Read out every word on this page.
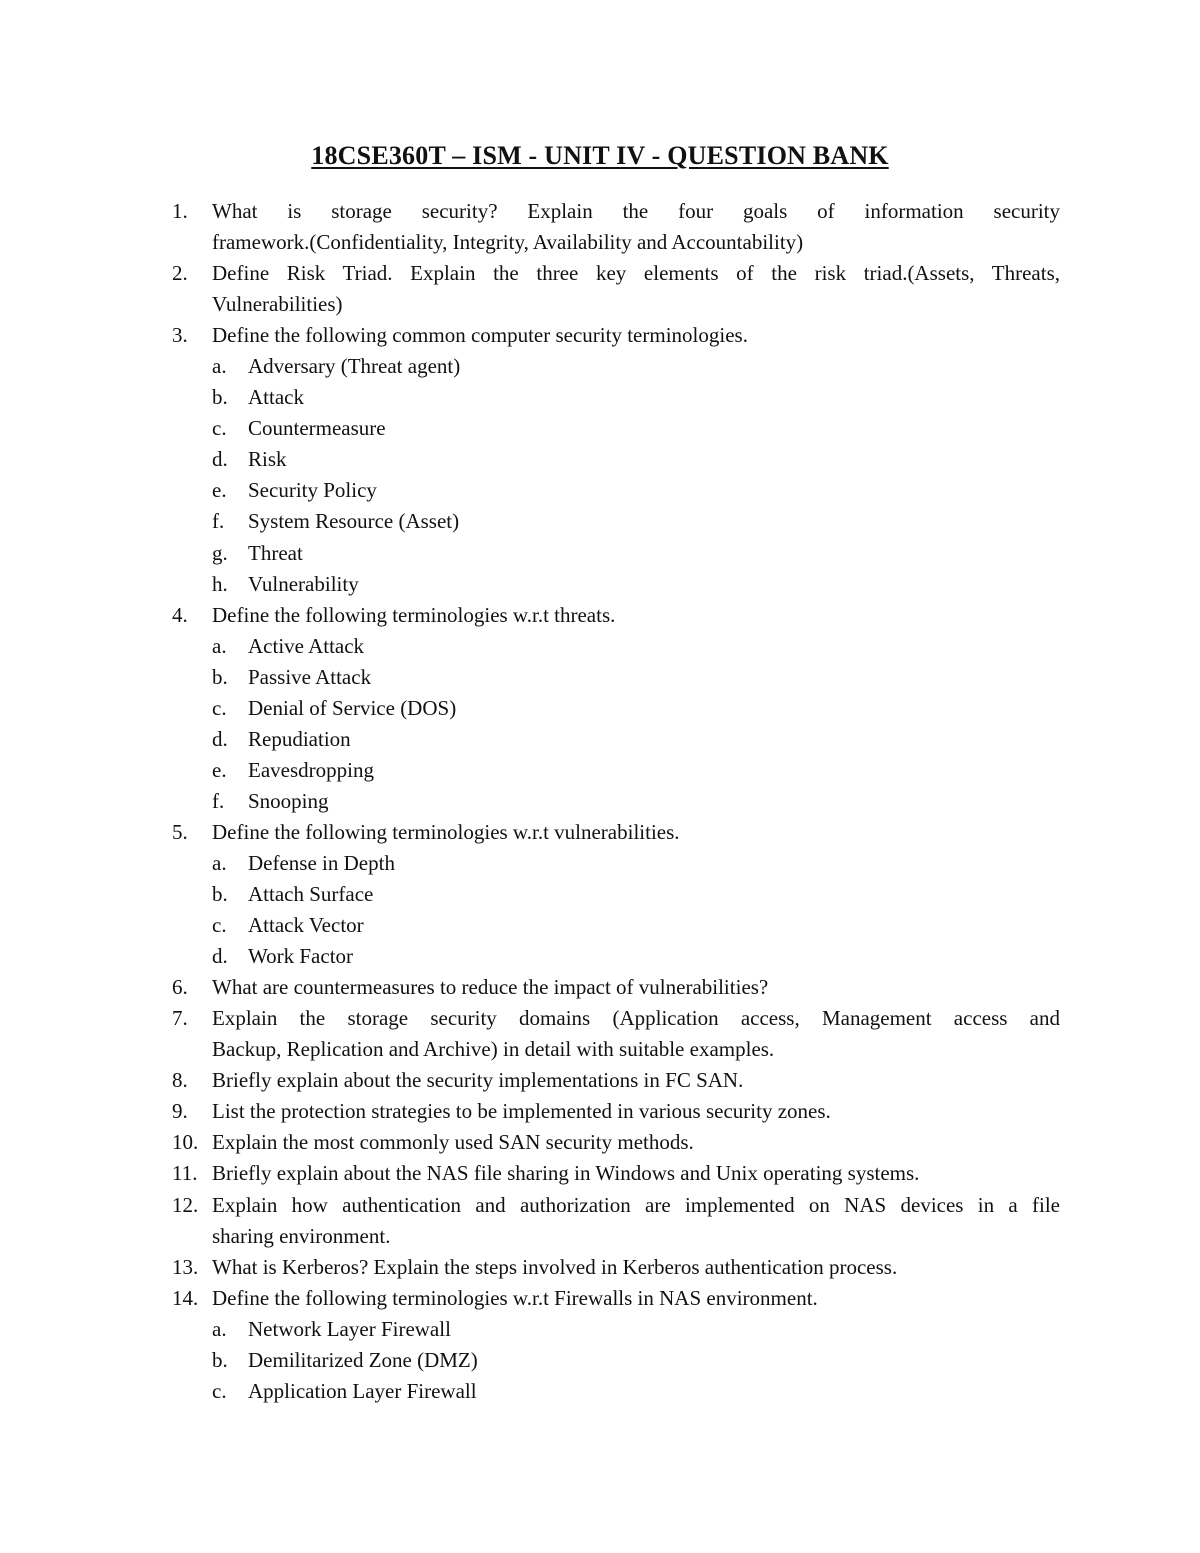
18CSE360T – ISM - UNIT IV - QUESTION BANK
1.	What is storage security? Explain the four goals of information security
framework.(Confidentiality, Integrity, Availability and Accountability)
2.	Define Risk Triad. Explain the three key elements of the risk triad.(Assets, Threats,
Vulnerabilities)
3.	Define the following common computer security terminologies.
a.	Adversary (Threat agent)
b. Attack
c.	Countermeasure
d. Risk
e.	Security Policy
f.	System Resource (Asset)
g. Threat
h. Vulnerability
4.	Define the following terminologies w.r.t threats.
a.	Active Attack
b. Passive Attack
c.	Denial of Service (DOS)
d. Repudiation
e.	Eavesdropping
f.	Snooping
5.	Define the following terminologies w.r.t vulnerabilities.
a.	Defense in Depth
b. Attach Surface
c.	Attack Vector
d. Work Factor
6.	What are countermeasures to reduce the impact of vulnerabilities?
7.	Explain the storage security domains (Application access, Management access and
Backup, Replication and Archive) in detail with suitable examples.
8.	Briefly explain about the security implementations in FC SAN.
9.	List the protection strategies to be implemented in various security zones.
10. Explain the most commonly used SAN security methods.
11. Briefly explain about the NAS file sharing in Windows and Unix operating systems.
12. Explain how authentication and authorization are implemented on NAS devices in a file
sharing environment.
13. What is Kerberos? Explain the steps involved in Kerberos authentication process.
14. Define the following terminologies w.r.t Firewalls in NAS environment.
a.	Network Layer Firewall
b. Demilitarized Zone (DMZ)
c.	Application Layer Firewall
